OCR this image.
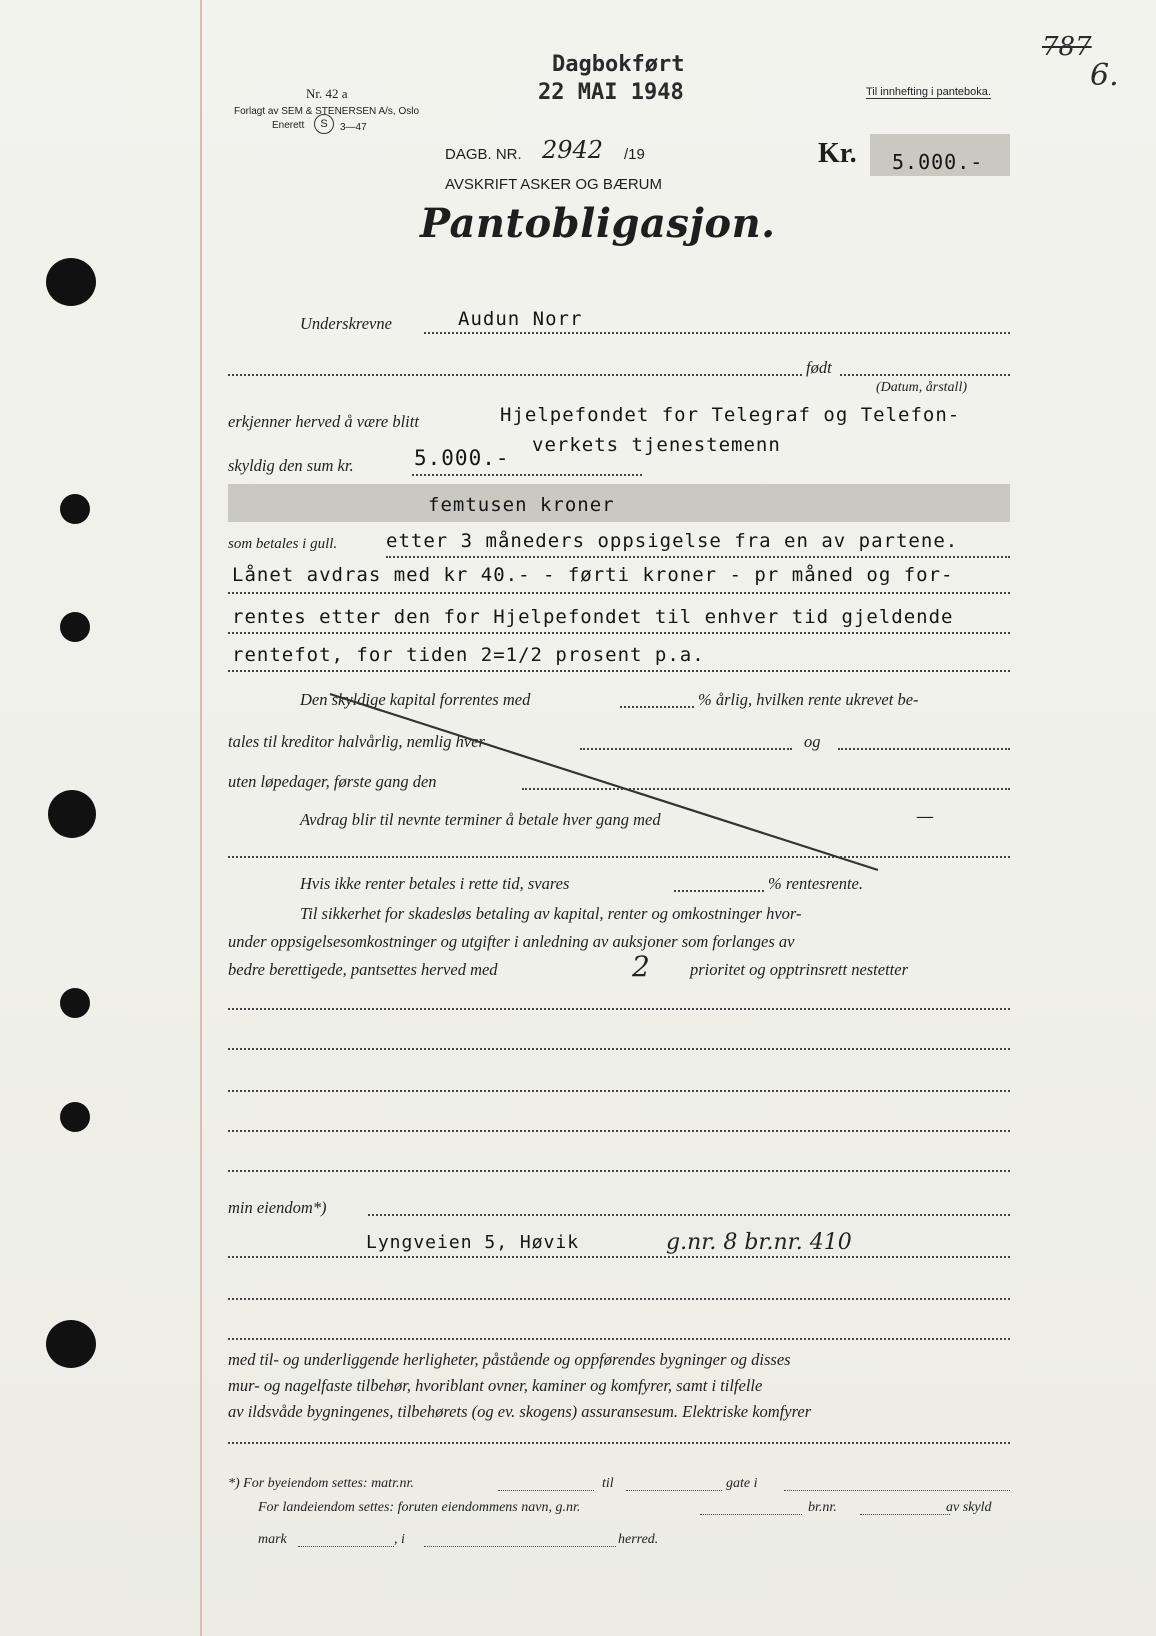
Dagbokført
22 MAI 1948
787
6.
Nr. 42 a
Forlagt av SEM & STENERSEN A/s, Oslo
Enerett	S	3—47
Til innhefting i panteboka.
DAGB. NR. 2942 /19
AVSKRIFT ASKER OG BÆRUM
Kr. 5.000.-
Pantobligasjon.
Underskrevne	Audun Norr
født
(Datum, årstall)
erkjenner herved å være blitt	Hjelpefondet for Telegraf og Telefon-
verkets tjenestemenn
skyldig den sum kr.	5.000.-
femtusen kroner
som betales i gull.	etter 3 måneders oppsigelse fra en av partene.
Lånet avdras med kr 40.- - førti kroner - pr måned og for-
rentes etter den for Hjelpefondet til enhver tid gjeldende
rentefot, for tiden 2=1/2 prosent p.a.
Den skyldige kapital forrentes med	% årlig, hvilken rente ukrevet be-
tales til kreditor halvårlig, nemlig hver	og
uten løpedager, første gang den
Avdrag blir til nevnte terminer å betale hver gang med	—
Hvis ikke renter betales i rette tid, svares	% rentesrente.
Til sikkerhet for skadesløs betaling av kapital, renter og omkostninger hvor-
under oppsigelsesomkostninger og utgifter i anledning av auksjoner som forlanges av
bedre berettigede, pantsettes herved med	2 prioritet og opptrinsrett nestetter
min eiendom*)
Lyngveien 5, Høvik	g.nr. 8 br.nr. 410
med til- og underliggende herligheter, påstående og oppførendes bygninger og disses
mur- og nagelfaste tilbehør, hvoriblant ovner, kaminer og komfyrer, samt i tilfelle
av ildsvåde bygningenes, tilbehørets (og ev. skogens) assuransesum. Elektriske komfyrer
*) For byeiendom settes: matr.nr.	til	gate i
For landeiendom settes: foruten eiendommens navn, g.nr.	br.nr.	av skyld
mark	, i	herred.
